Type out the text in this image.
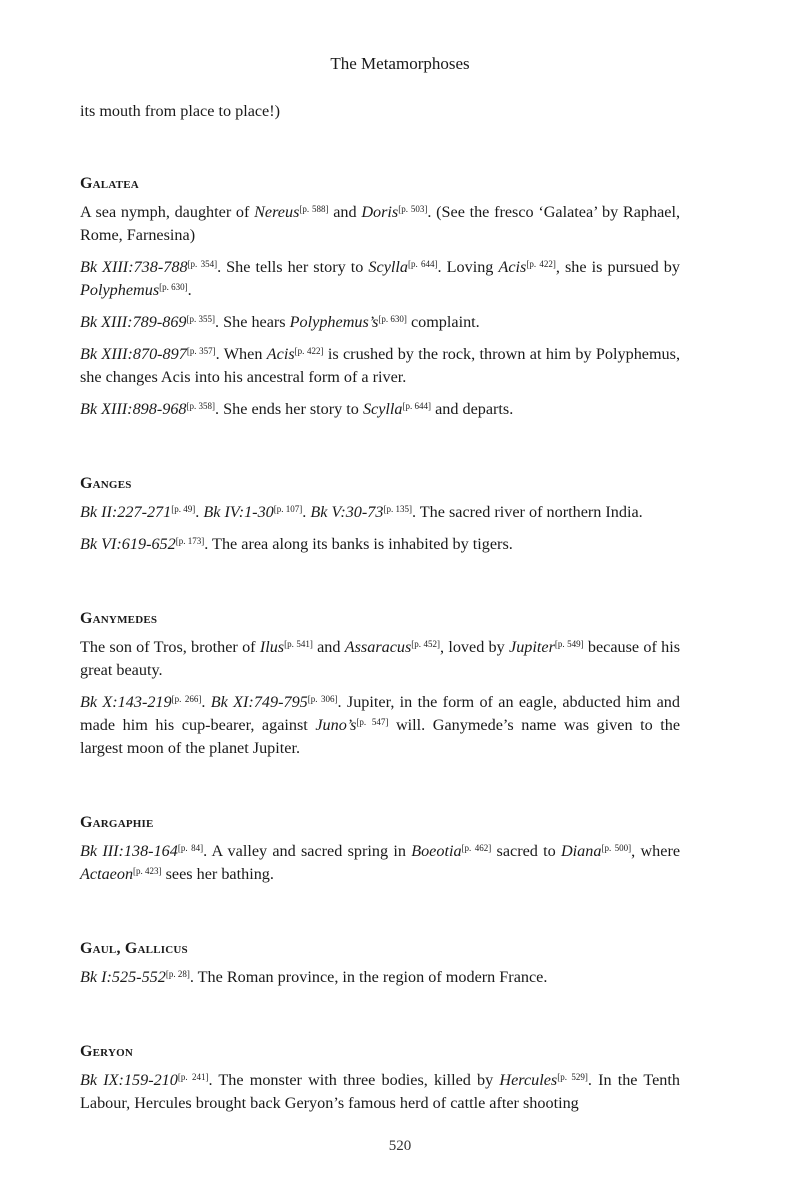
The Metamorphoses

its mouth from place to place!)

Galatea

A sea nymph, daughter of Nereus[p. 588] and Doris[p. 503]. (See the fresco ‘Galatea’ by Raphael, Rome, Farnesina)

Bk XIII:738-788[p. 354]. She tells her story to Scylla[p. 644]. Loving Acis[p. 422], she is pursued by Polyphemus[p. 630].

Bk XIII:789-869[p. 355]. She hears Polyphemus’s[p. 630] complaint.

Bk XIII:870-897[p. 357]. When Acis[p. 422] is crushed by the rock, thrown at him by Polyphemus, she changes Acis into his ancestral form of a river.

Bk XIII:898-968[p. 358]. She ends her story to Scylla[p. 644] and departs.

Ganges

Bk II:227-271[p. 49]. Bk IV:1-30[p. 107]. Bk V:30-73[p. 135]. The sacred river of northern India.

Bk VI:619-652[p. 173]. The area along its banks is inhabited by tigers.

Ganymedes

The son of Tros, brother of Ilus[p. 541] and Assaracus[p. 452], loved by Jupiter[p. 549] because of his great beauty.

Bk X:143-219[p. 266]. Bk XI:749-795[p. 306]. Jupiter, in the form of an eagle, abducted him and made him his cup-bearer, against Juno’s[p. 547] will. Ganymede’s name was given to the largest moon of the planet Jupiter.

Gargaphie

Bk III:138-164[p. 84]. A valley and sacred spring in Boeotia[p. 462] sacred to Diana[p. 500], where Actaeon[p. 423] sees her bathing.

Gaul, Gallicus

Bk I:525-552[p. 28]. The Roman province, in the region of modern France.

Geryon

Bk IX:159-210[p. 241]. The monster with three bodies, killed by Hercules[p. 529]. In the Tenth Labour, Hercules brought back Geryon’s famous herd of cattle after shooting

520
